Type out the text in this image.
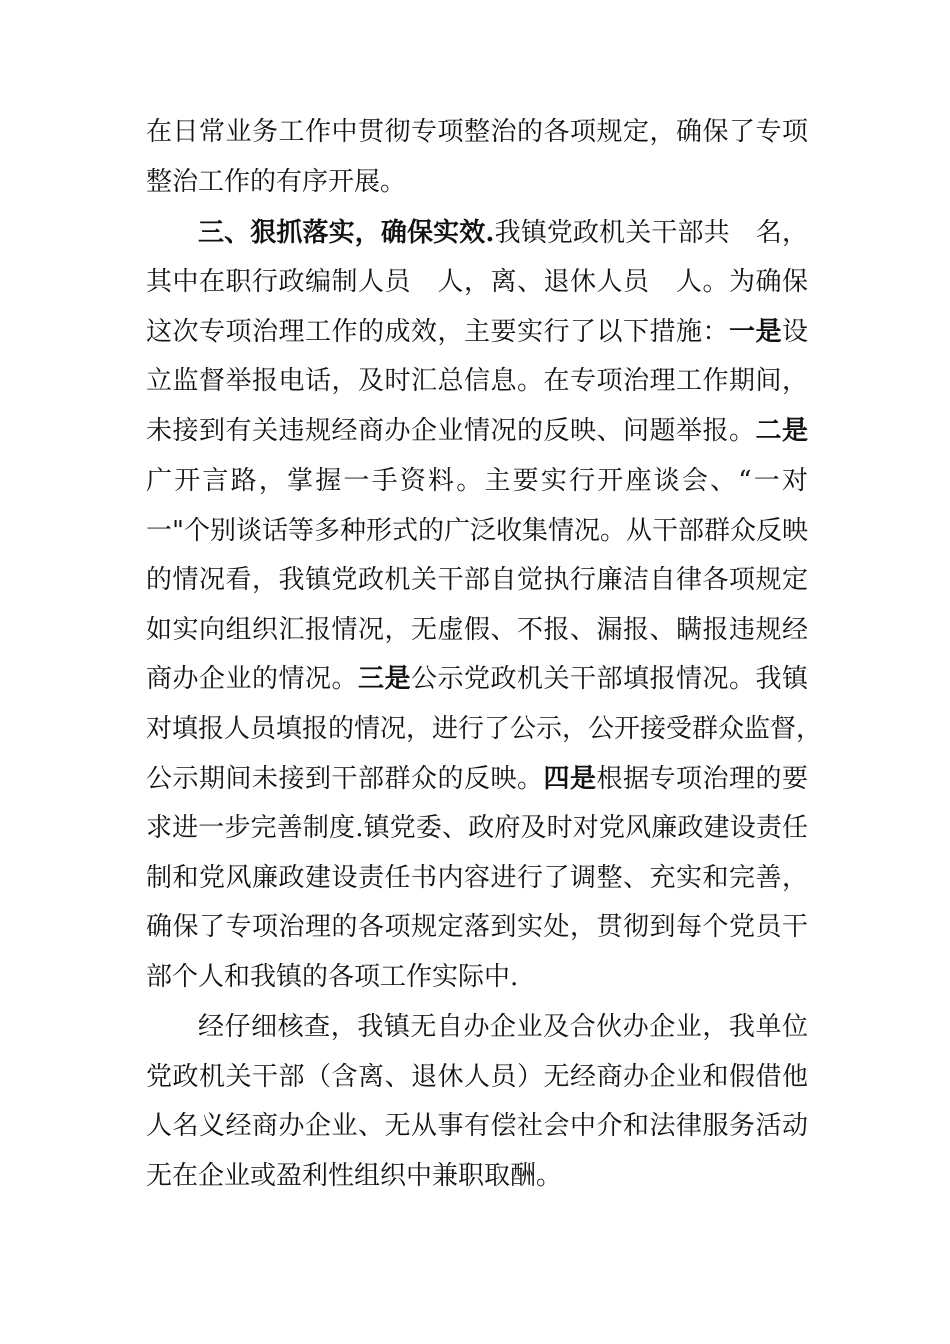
在日常业务工作中贯彻专项整治的各项规定，确保了专项
整治工作的有序开展。
三、狠抓落实，确保实效.我镇党政机关干部共　名，
其中在职行政编制人员　人，离、退休人员　人。为确保
这次专项治理工作的成效，主要实行了以下措施：一是设
立监督举报电话，及时汇总信息。在专项治理工作期间，
未接到有关违规经商办企业情况的反映、问题举报。二是
广开言路，掌握一手资料。主要实行开座谈会、“一对
一"个别谈话等多种形式的广泛收集情况。从干部群众反映
的情况看，我镇党政机关干部自觉执行廉洁自律各项规定
如实向组织汇报情况，无虚假、不报、漏报、瞒报违规经
商办企业的情况。三是公示党政机关干部填报情况。我镇
对填报人员填报的情况，进行了公示，公开接受群众监督，
公示期间未接到干部群众的反映。四是根据专项治理的要
求进一步完善制度.镇党委、政府及时对党风廉政建设责任
制和党风廉政建设责任书内容进行了调整、充实和完善，
确保了专项治理的各项规定落到实处，贯彻到每个党员干
部个人和我镇的各项工作实际中.
经仔细核查，我镇无自办企业及合伙办企业，我单位
党政机关干部（含离、退休人员）无经商办企业和假借他
人名义经商办企业、无从事有偿社会中介和法律服务活动
无在企业或盈利性组织中兼职取酬。
